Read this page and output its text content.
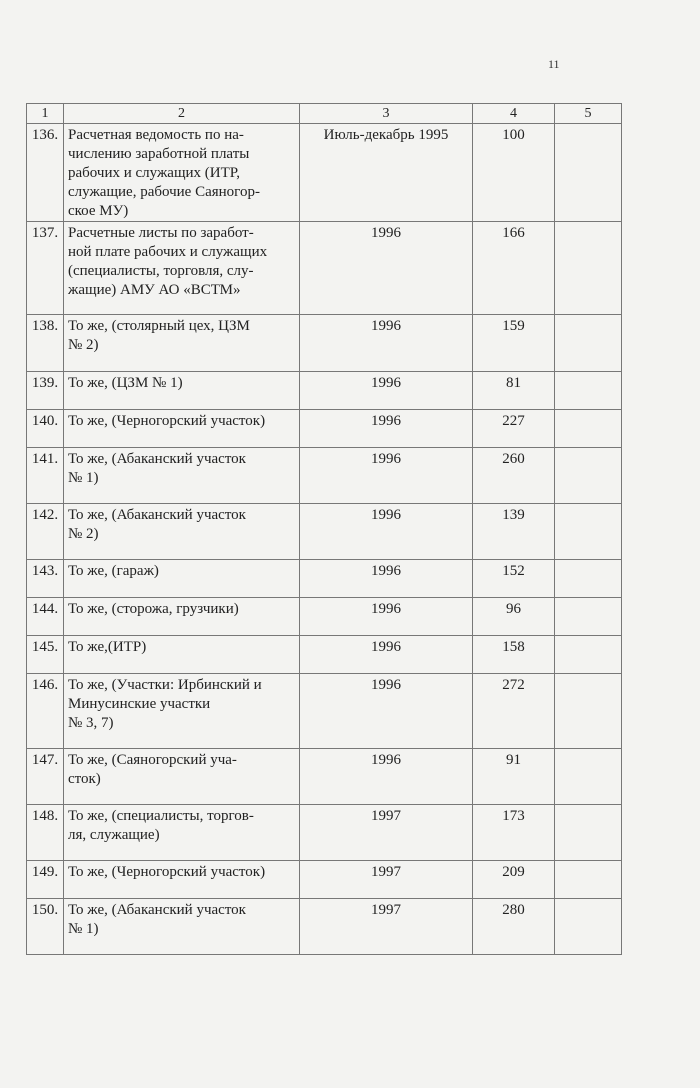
11
1	2	3	4	5
136.	Расчетная ведомость по на-
числению заработной платы
рабочих и служащих (ИТР,
служащие, рабочие Саяногор-
ское МУ)	Июль-декабрь 1995	100	
137.	Расчетные листы по заработ-
ной плате рабочих и служащих
(специалисты, торговля, слу-
жащие) АМУ АО «ВСТМ»	1996	166	
138.	То же, (столярный цех, ЦЗМ
№ 2)	1996	159	
139.	То же, (ЦЗМ № 1)	1996	81	
140.	То же, (Черногорский участок)	1996	227	
141.	То же, (Абаканский участок
№ 1)	1996	260	
142.	То же, (Абаканский участок
№ 2)	1996	139	
143.	То же, (гараж)	1996	152	
144.	То же, (сторожа, грузчики)	1996	96	
145.	То же,(ИТР)	1996	158	
146.	То же, (Участки: Ирбинский и
Минусинские участки
№ 3, 7)	1996	272	
147.	То же, (Саяногорский уча-
сток)	1996	91	
148.	То же, (специалисты, торгов-
ля, служащие)	1997	173	
149.	То же, (Черногорский участок)	1997	209	
150.	То же, (Абаканский участок
№ 1)	1997	280	
